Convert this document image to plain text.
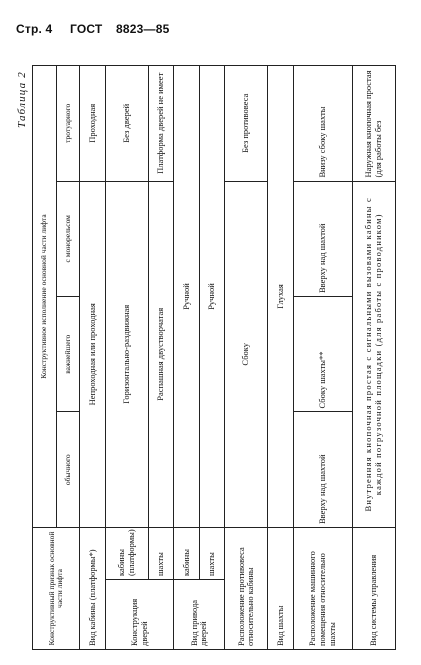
Стр. 4 ГОСТ 8823—85
Таблица 2
Конструктивный признак основной части лифта		Конструктивное исполнение основной части лифта			
		обычного	важнейшего	с монорельсом	тротуарного
Вид кабины (платформы*)		Непроходная или проходная			Проходная
Конструкция дверей	кабины (платформы)	Горизонтально-раздвижная			Без дверей
	шахты	Распашная двустворчатая			Платформа дверей не имеет
Вид привода дверей	кабины	Ручной			
	шахты	Ручной			
Расположение противовеса относительно кабины		Сбоку			Без противовеса
Вид шахты		Глухая			
Расположение машинного помещения относительно шахты		Вверху над шахтой	Сбоку шахты**	Вверху над шахтой	Внизу сбоку шахты
Вид системы управления		Внутренняя кнопочная простая с сигнальными вызовами кабины с каждой погрузочной площадки (для работы с проводником)			Наружная кнопочная простая (для работы без
